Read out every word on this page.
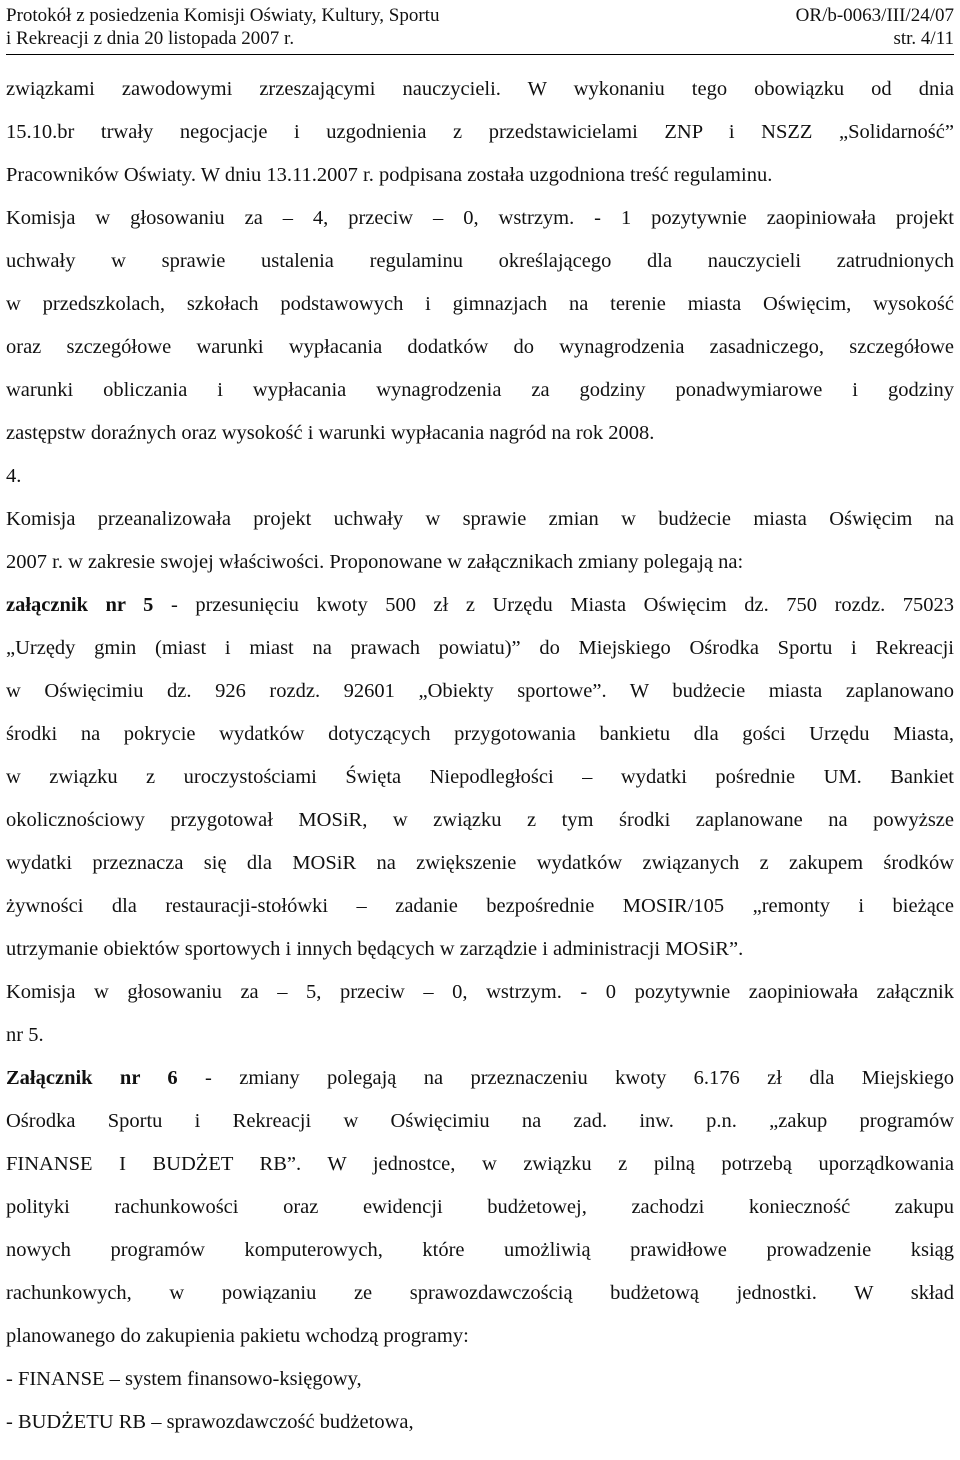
Protokół z posiedzenia Komisji Oświaty, Kultury, Sportu	OR/b-0063/III/24/07
i Rekreacji z dnia 20 listopada 2007 r.	str. 4/11
związkami zawodowymi zrzeszającymi nauczycieli. W wykonaniu tego obowiązku od dnia
15.10.br trwały negocjacje i uzgodnienia z przedstawicielami ZNP i NSZZ „Solidarność”
Pracowników Oświaty. W dniu 13.11.2007 r. podpisana została uzgodniona treść regulaminu.
Komisja w głosowaniu za – 4, przeciw – 0, wstrzym. - 1 pozytywnie zaopiniowała projekt
uchwały w sprawie ustalenia regulaminu określającego dla nauczycieli zatrudnionych
w przedszkolach, szkołach podstawowych i gimnazjach na terenie miasta Oświęcim, wysokość
oraz szczegółowe warunki wypłacania dodatków do wynagrodzenia zasadniczego, szczegółowe
warunki obliczania i wypłacania wynagrodzenia za godziny ponadwymiarowe i godziny
zastępstw doraźnych oraz wysokość i warunki wypłacania nagród na rok 2008.
4.
Komisja przeanalizowała projekt uchwały w sprawie zmian w budżecie miasta Oświęcim na
2007 r. w zakresie swojej właściwości. Proponowane w załącznikach zmiany polegają na:
załącznik nr 5 - przesunięciu kwoty 500 zł z Urzędu Miasta Oświęcim dz. 750 rozdz. 75023
„Urzędy gmin (miast i miast na prawach powiatu)” do Miejskiego Ośrodka Sportu i Rekreacji
w Oświęcimiu dz. 926 rozdz. 92601 „Obiekty sportowe”. W budżecie miasta zaplanowano
środki na pokrycie wydatków dotyczących przygotowania bankietu dla gości Urzędu Miasta,
w związku z uroczystościami Święta Niepodległości – wydatki pośrednie UM. Bankiet
okolicznościowy przygotował MOSiR, w związku z tym środki zaplanowane na powyższe
wydatki przeznacza się dla MOSiR na zwiększenie wydatków związanych z zakupem środków
żywności dla restauracji-stołówki – zadanie bezpośrednie MOSIR/105 „remonty i bieżące
utrzymanie obiektów sportowych i innych będących w zarządzie i administracji MOSiR”.
Komisja w głosowaniu za – 5, przeciw – 0, wstrzym. - 0 pozytywnie zaopiniowała załącznik
nr 5.
Załącznik nr 6 - zmiany polegają na przeznaczeniu kwoty 6.176 zł dla Miejskiego
Ośrodka Sportu i Rekreacji w Oświęcimiu na zad. inw. p.n. „zakup programów
FINANSE I BUDŻET RB”. W jednostce, w związku z pilną potrzebą uporządkowania
polityki rachunkowości oraz ewidencji budżetowej, zachodzi konieczność zakupu
nowych programów komputerowych, które umożliwią prawidłowe prowadzenie ksiąg
rachunkowych, w powiązaniu ze sprawozdawczością budżetową jednostki. W skład
planowanego do zakupienia pakietu wchodzą programy:
- FINANSE – system finansowo-księgowy,
- BUDŻETU RB – sprawozdawczość budżetowa,
